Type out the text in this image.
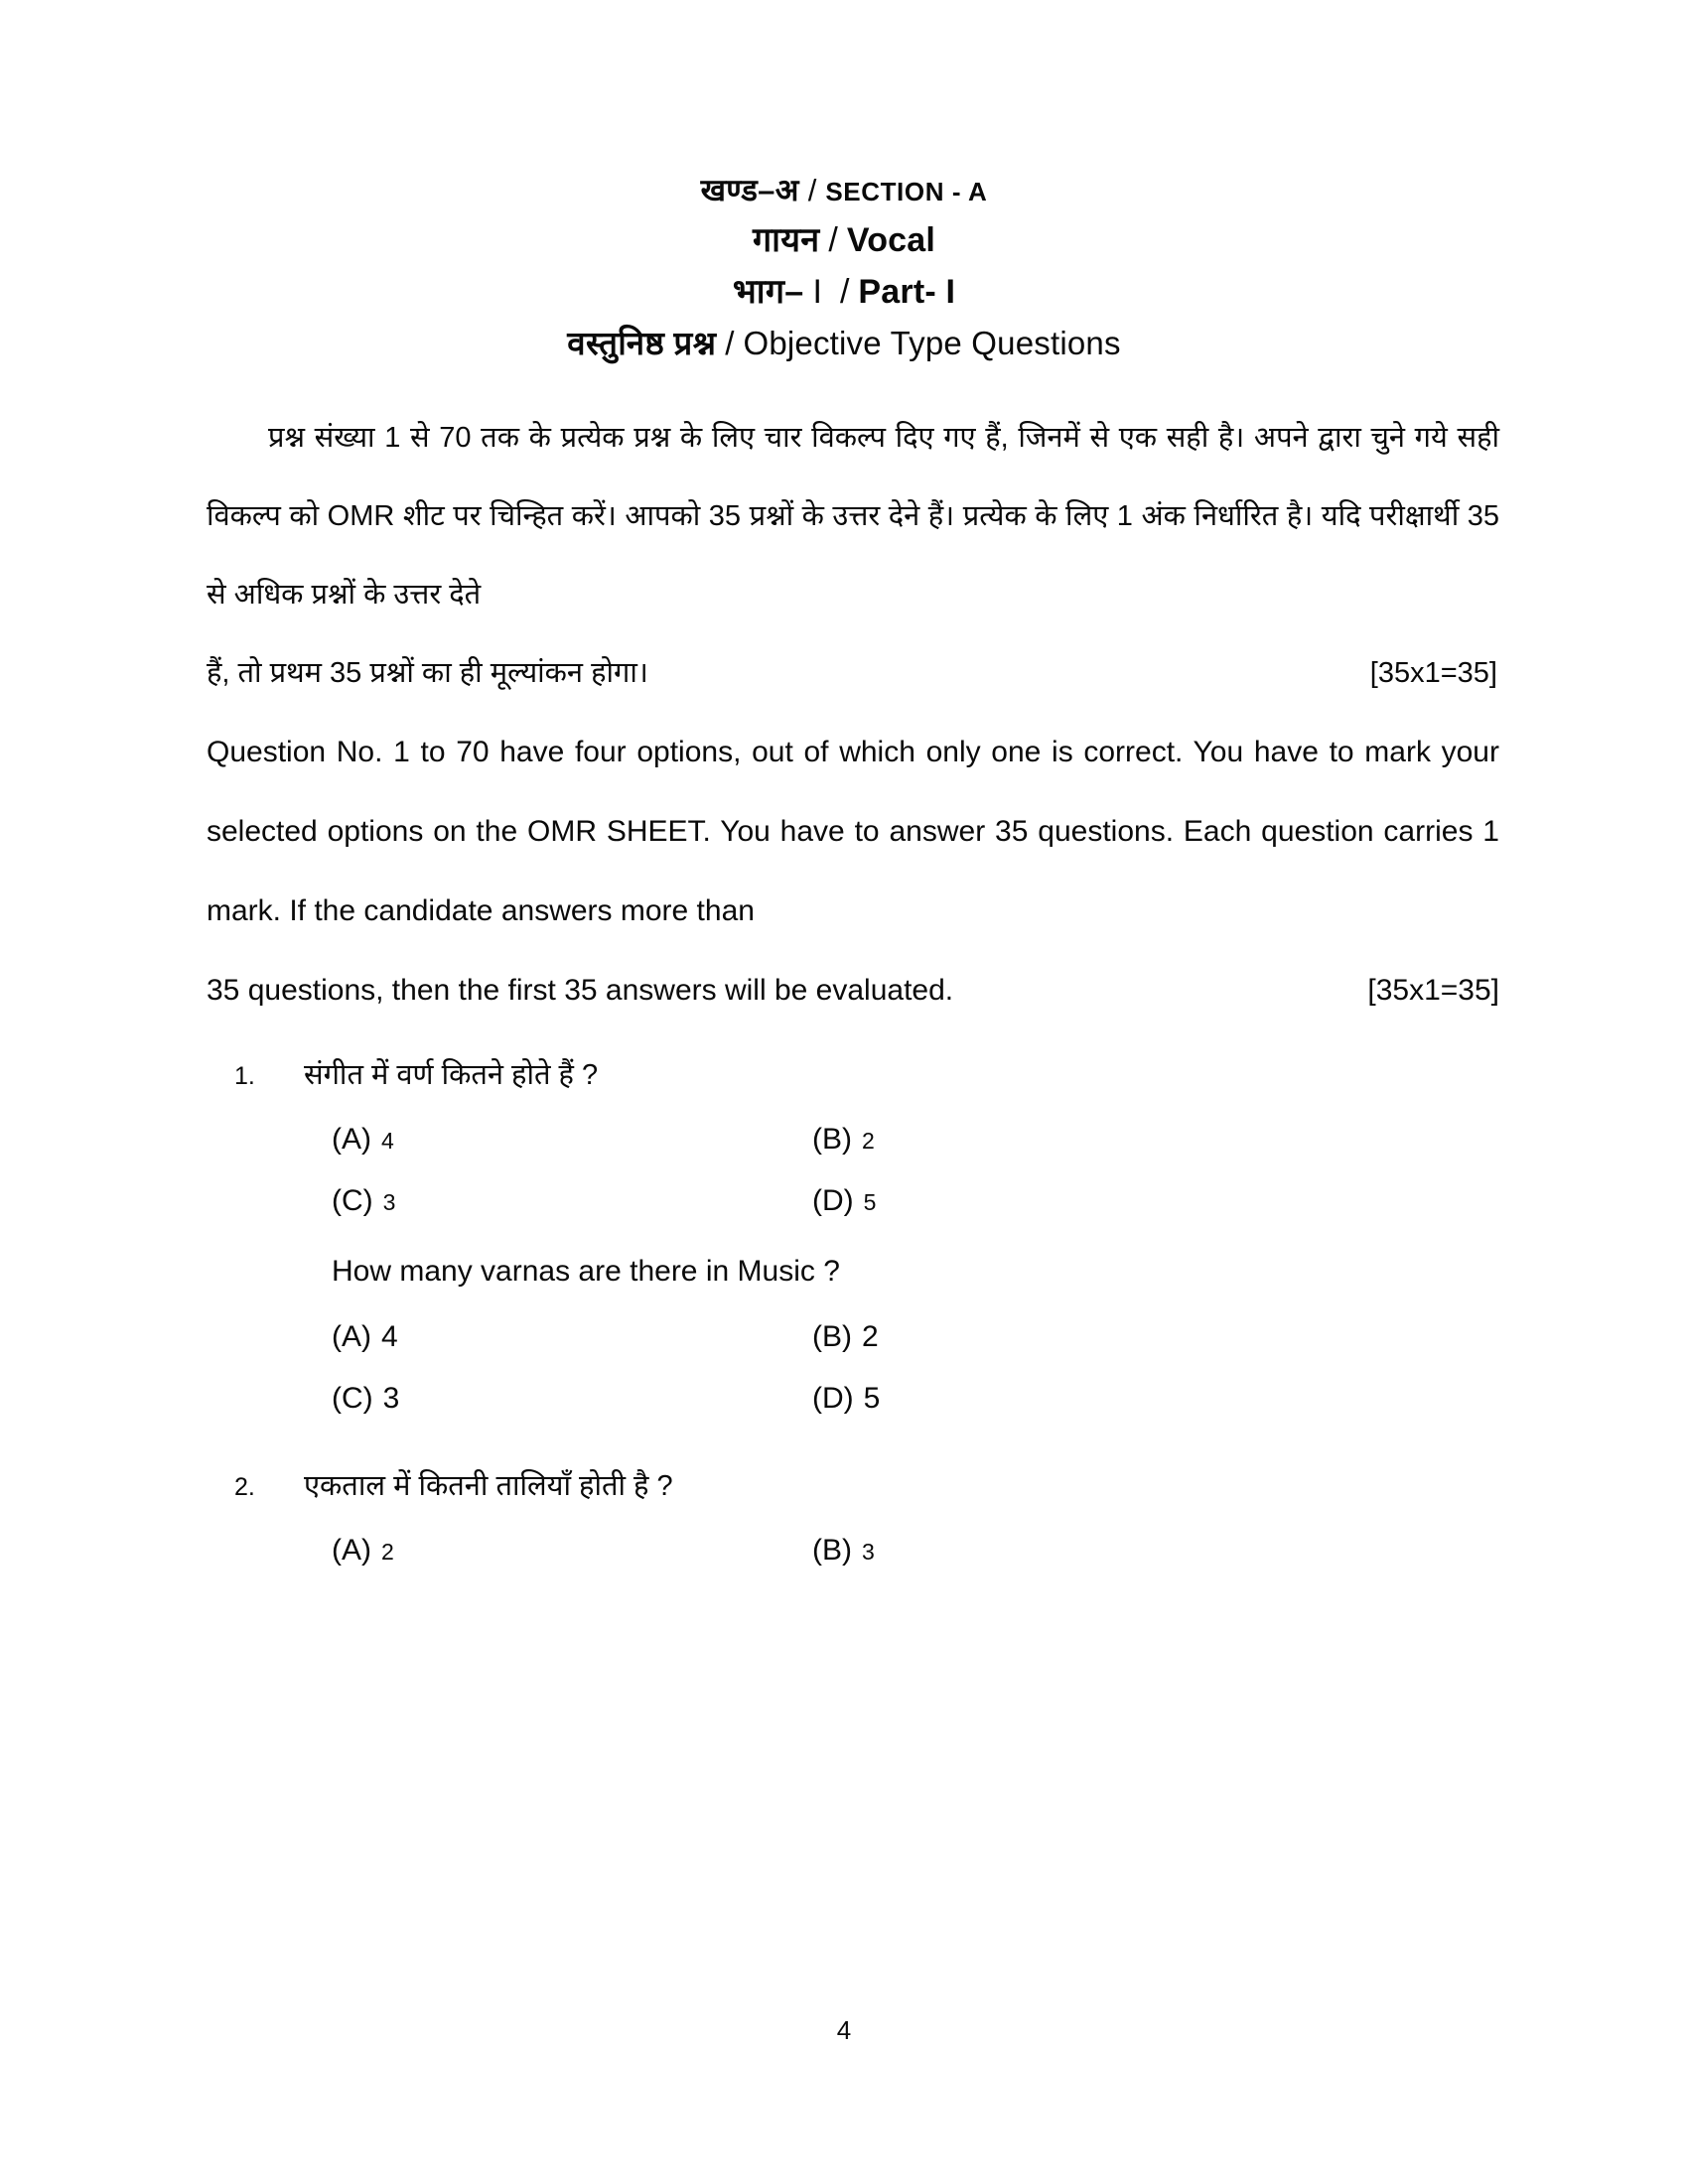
खण्ड–अ / SECTION - A
गायन / Vocal
भाग– I / Part- I
वस्तुनिष्ठ प्रश्न / Objective Type Questions

प्रश्न संख्या 1 से 70 तक के प्रत्येक प्रश्न के लिए चार विकल्प दिए गए हैं, जिनमें से एक सही है। अपने द्वारा चुने गये सही विकल्प को OMR शीट पर चिन्हित करें। आपको 35 प्रश्नों के उत्तर देने हैं। प्रत्येक के लिए 1 अंक निर्धारित है। यदि परीक्षार्थी 35 से अधिक प्रश्नों के उत्तर देते

हैं, तो प्रथम 35 प्रश्नों का ही मूल्यांकन होगा।	[35x1=35]

Question No. 1 to 70 have four options, out of which only one is correct. You have to mark your selected options on the OMR SHEET. You have to answer 35 questions. Each question carries 1 mark. If the candidate answers more than

35 questions, then the first 35 answers will be evaluated.	[35x1=35]
1.	संगीत में वर्ण कितने होते हैं ?
(A) 4	(B) 2
(C) 3	(D) 5
How many varnas are there in Music ?
(A) 4	(B) 2
(C) 3	(D) 5
2.	एकताल में कितनी तालियाँ होती है ?
(A) 2	(B) 3
4
